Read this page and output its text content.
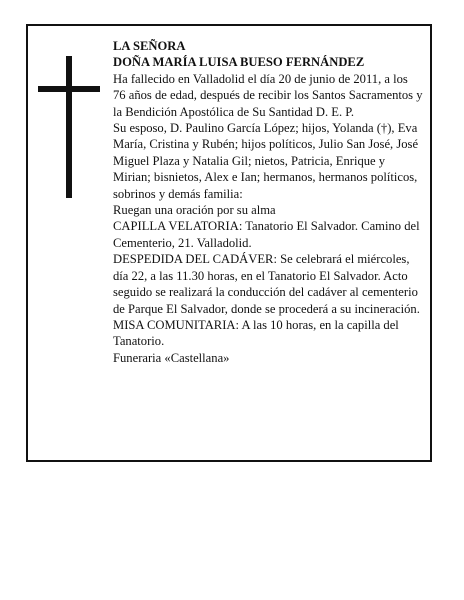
LA SEÑORA

DOÑA MARÍA LUISA BUESO FERNÁNDEZ

Ha fallecido en Valladolid el día 20 de junio de 2011, a los 76 años de edad, después de recibir los Santos Sacramentos y la Bendición Apostólica de Su Santidad D. E. P.

Su esposo, D. Paulino García López; hijos, Yolanda (†), Eva María, Cristina y Rubén; hijos políticos, Julio San José, José Miguel Plaza y Natalia Gil; nietos, Patricia, Enrique y Mirian; bisnietos, Alex e Ian; hermanos, hermanos políticos, sobrinos y demás familia:

Ruegan una oración por su alma

CAPILLA VELATORIA: Tanatorio El Salvador. Camino del Cementerio, 21. Valladolid.

DESPEDIDA DEL CADÁVER: Se celebrará el miércoles, día 22, a las 11.30 horas, en el Tanatorio El Salvador. Acto seguido se realizará la conducción del cadáver al cementerio de Parque El Salvador, donde se procederá a su incineración.

MISA COMUNITARIA: A las 10 horas, en la capilla del Tanatorio.

Funeraria «Castellana»
